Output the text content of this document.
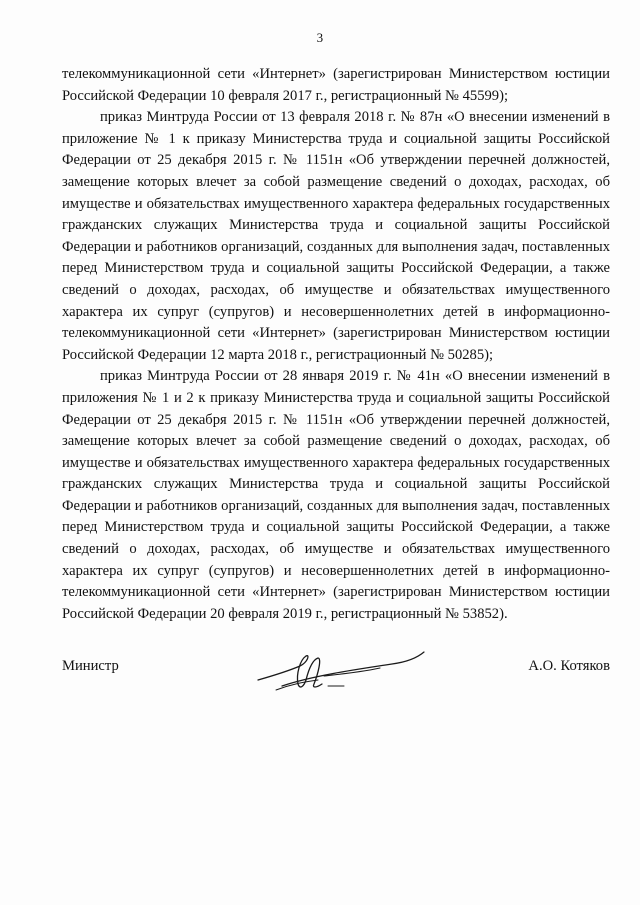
3

телекоммуникационной сети «Интернет» (зарегистрирован Министерством юстиции Российской Федерации 10 февраля 2017 г., регистрационный № 45599);

приказ Минтруда России от 13 февраля 2018 г. № 87н «О внесении изменений в приложение № 1 к приказу Министерства труда и социальной защиты Российской Федерации от 25 декабря 2015 г. № 1151н «Об утверждении перечней должностей, замещение которых влечет за собой размещение сведений о доходах, расходах, об имуществе и обязательствах имущественного характера федеральных государственных гражданских служащих Министерства труда и социальной защиты Российской Федерации и работников организаций, созданных для выполнения задач, поставленных перед Министерством труда и социальной защиты Российской Федерации, а также сведений о доходах, расходах, об имуществе и обязательствах имущественного характера их супруг (супругов) и несовершеннолетних детей в информационно-телекоммуникационной сети «Интернет» (зарегистрирован Министерством юстиции Российской Федерации 12 марта 2018 г., регистрационный № 50285);

приказ Минтруда России от 28 января 2019 г. № 41н «О внесении изменений в приложения № 1 и 2 к приказу Министерства труда и социальной защиты Российской Федерации от 25 декабря 2015 г. № 1151н «Об утверждении перечней должностей, замещение которых влечет за собой размещение сведений о доходах, расходах, об имуществе и обязательствах имущественного характера федеральных государственных гражданских служащих Министерства труда и социальной защиты Российской Федерации и работников организаций, созданных для выполнения задач, поставленных перед Министерством труда и социальной защиты Российской Федерации, а также сведений о доходах, расходах, об имуществе и обязательствах имущественного характера их супруг (супругов) и несовершеннолетних детей в информационно-телекоммуникационной сети «Интернет» (зарегистрирован Министерством юстиции Российской Федерации 20 февраля 2019 г., регистрационный № 53852).

Министр	А.О. Котяков
